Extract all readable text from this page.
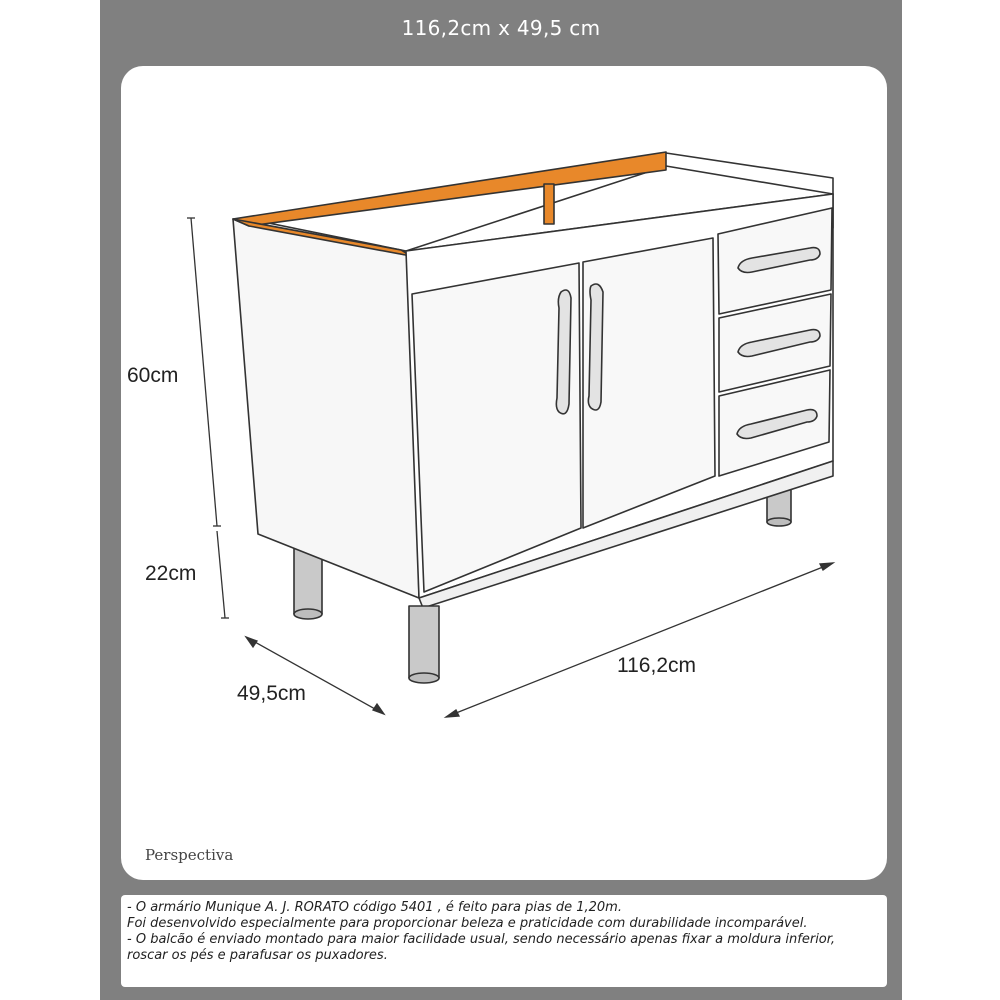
116,2cm x 49,5 cm
60cm
22cm
49,5cm
116,2cm
Perspectiva
- O armário Munique A. J. RORATO código 5401 , é feito para pias de 1,20m.
Foi desenvolvido especialmente para proporcionar beleza e praticidade com durabilidade incomparável.
- O balcão é enviado montado para maior facilidade usual, sendo necessário apenas fixar a moldura inferior,
roscar os pés e parafusar os puxadores.
